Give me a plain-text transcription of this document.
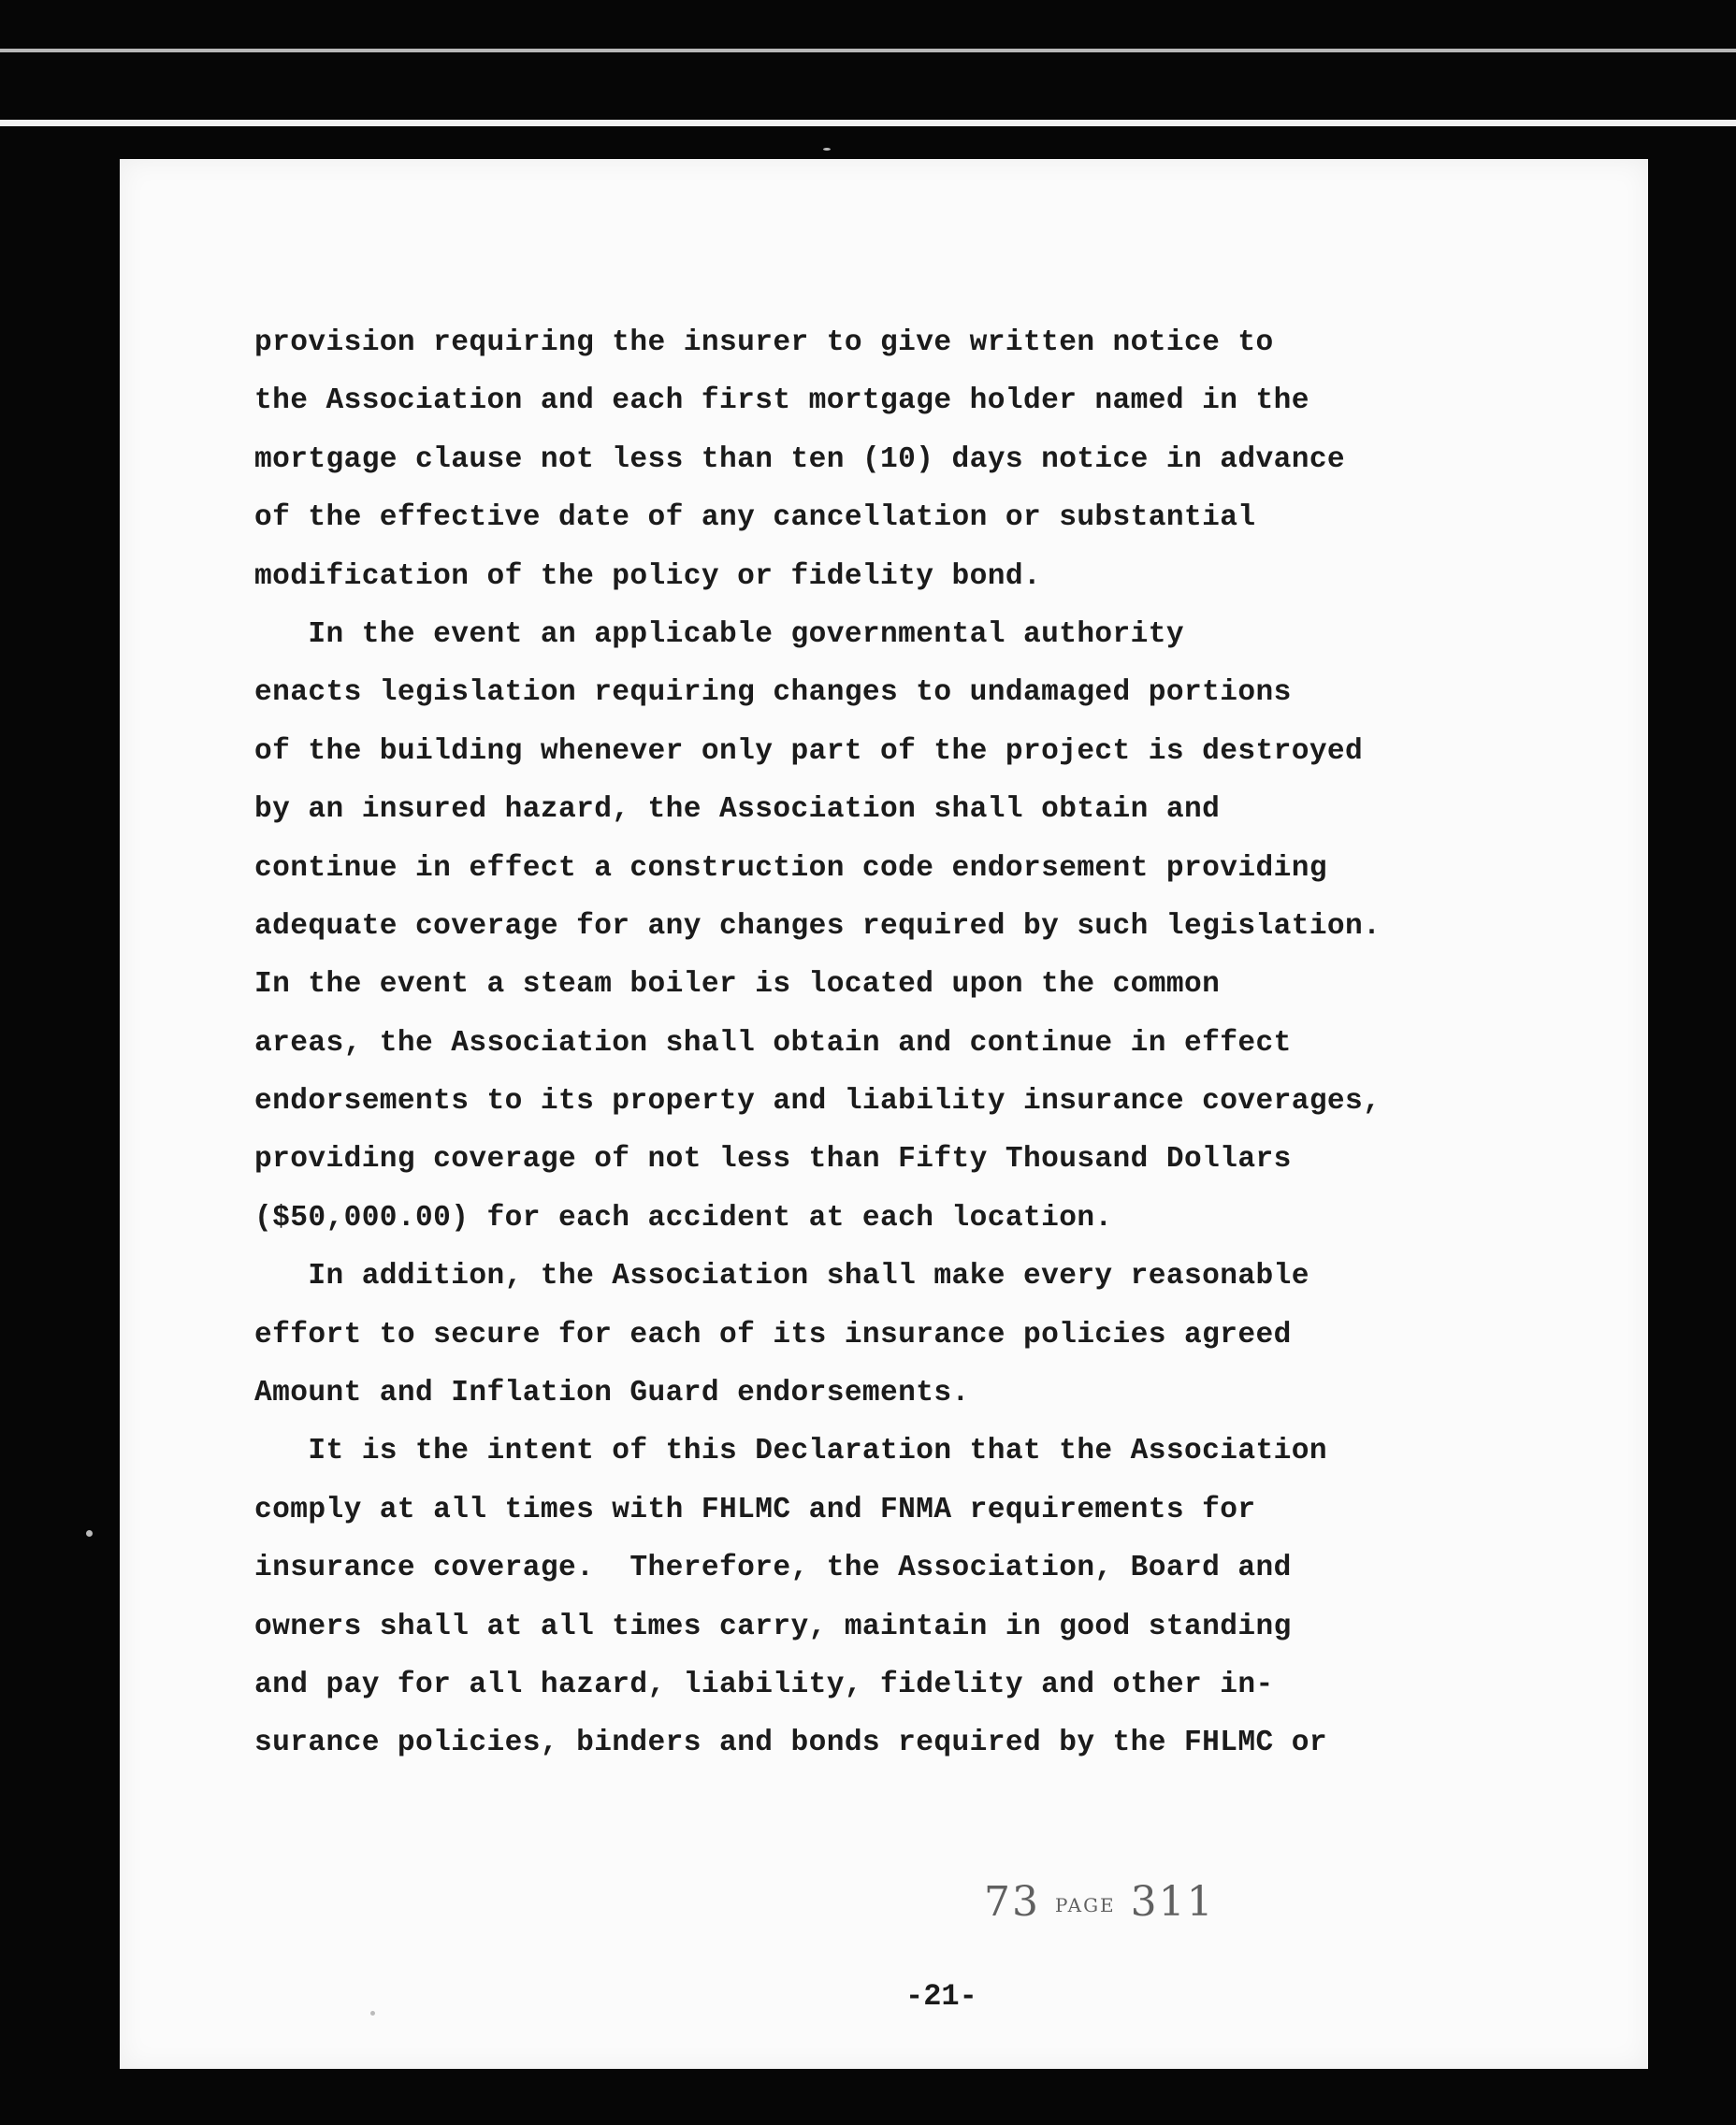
provision requiring the insurer to give written notice to
the Association and each first mortgage holder named in the
mortgage clause not less than ten (10) days notice in advance
of the effective date of any cancellation or substantial
modification of the policy or fidelity bond.
In the event an applicable governmental authority
enacts legislation requiring changes to undamaged portions
of the building whenever only part of the project is destroyed
by an insured hazard, the Association shall obtain and
continue in effect a construction code endorsement providing
adequate coverage for any changes required by such legislation.
In the event a steam boiler is located upon the common
areas, the Association shall obtain and continue in effect
endorsements to its property and liability insurance coverages,
providing coverage of not less than Fifty Thousand Dollars
($50,000.00) for each accident at each location.
In addition, the Association shall make every reasonable
effort to secure for each of its insurance policies agreed
Amount and Inflation Guard endorsements.
It is the intent of this Declaration that the Association
comply at all times with FHLMC and FNMA requirements for
insurance coverage.  Therefore, the Association, Board and
owners shall at all times carry, maintain in good standing
and pay for all hazard, liability, fidelity and other in-
surance policies, binders and bonds required by the FHLMC or
73 PAGE 311
-21-
